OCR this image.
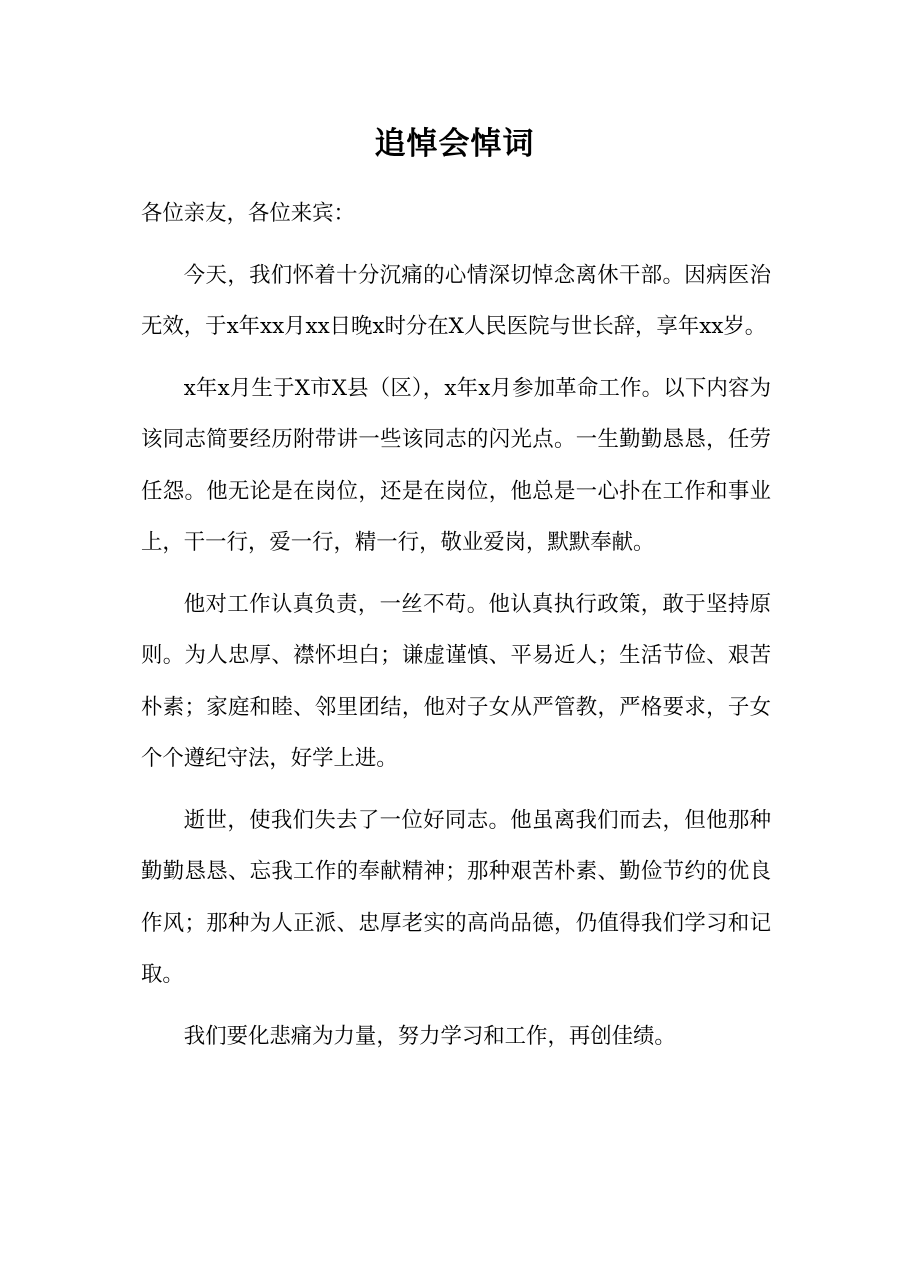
追悼会悼词

各位亲友，各位来宾：

今天，我们怀着十分沉痛的心情深切悼念离休干部。因病医治无效，于x年xx月xx日晚x时分在X人民医院与世长辞，享年xx岁。

x年x月生于X市X县（区），x年x月参加革命工作。以下内容为该同志简要经历附带讲一些该同志的闪光点。一生勤勤恳恳，任劳任怨。他无论是在岗位，还是在岗位，他总是一心扑在工作和事业上，干一行，爱一行，精一行，敬业爱岗，默默奉献。

他对工作认真负责，一丝不苟。他认真执行政策，敢于坚持原则。为人忠厚、襟怀坦白；谦虚谨慎、平易近人；生活节俭、艰苦朴素；家庭和睦、邻里团结，他对子女从严管教，严格要求，子女个个遵纪守法，好学上进。

逝世，使我们失去了一位好同志。他虽离我们而去，但他那种勤勤恳恳、忘我工作的奉献精神；那种艰苦朴素、勤俭节约的优良作风；那种为人正派、忠厚老实的高尚品德，仍值得我们学习和记取。

我们要化悲痛为力量，努力学习和工作，再创佳绩。
